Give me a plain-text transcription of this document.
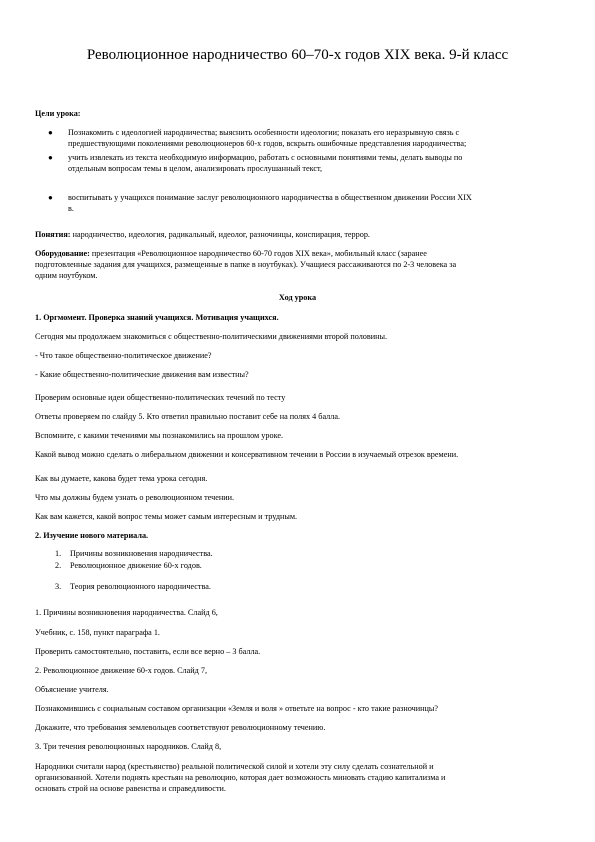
Революционное народничество 60–70-х годов XIX века. 9-й класс
Цели урока:
● Познакомить с идеологией народничества; выяснить особенности идеологии; показать его неразрывную связь с
предшествующими поколениями революционеров 60-х годов, вскрыть ошибочные представления народничества;
● учить извлекать из текста необходимую информацию, работать с основными понятиями темы, делать выводы по
отдельным вопросам темы в целом, анализировать прослушанный текст,
● воспитывать у учащихся понимание заслуг революционного народничества в общественном движении России XIX
в.
Понятия: народничество, идеология, радикальный, идеолог, разночинцы, конспирация, террор.
Оборудование: презентация «Революционное народничество 60-70 годов XIX века», мобильный класс (заранее
подготовленные задания для учащихся, размещенные в папке в ноутбуках). Учащиеся рассаживаются по 2-3 человека за
одним ноутбуком.
Ход урока
1. Оргмомент. Проверка знаний учащихся. Мотивация учащихся.
Сегодня мы продолжаем знакомиться с общественно-политическими движениями второй половины.
- Что такое общественно-политическое движение?
- Какие общественно-политические движения вам известны?
Проверим основные идеи общественно-политических течений по тесту
Ответы проверяем по слайду 5. Кто ответил правильно поставит себе на полях 4 балла.
Вспомните, с какими течениями мы познакомились на прошлом уроке.
Какой вывод можно сделать о либеральном движении и консервативном течении в России в изучаемый отрезок времени.
Как вы думаете, какова будет тема урока сегодня.
Что мы должны будем узнать о революционном течении.
Как вам кажется, какой вопрос темы может самым интересным и трудным.
2. Изучение нового материала.
1. Причины возникновения народничества.
2. Революционное движение 60-х годов.
3. Теория революционного народничества.
1. Причины возникновения народничества. Слайд 6,
Учебник, с. 158, пункт параграфа 1.
Проверить самостоятельно, поставить, если все верно – 3 балла.
2. Революционное движение 60-х годов. Слайд 7,
Объяснение учителя.
Познакомившись с социальным составом организации «Земля и воля » ответьте на вопрос - кто такие разночинцы?
Докажите, что требования землевольцев соответствуют революционному течению.
3. Три течения революционных народников. Слайд 8,
Народники считали народ (крестьянство) реальной политической силой и хотели эту силу сделать сознательной и
организованной. Хотели поднять крестьян на революцию, которая дает возможность миновать стадию капитализма и
основать строй на основе равенства и справедливости.
